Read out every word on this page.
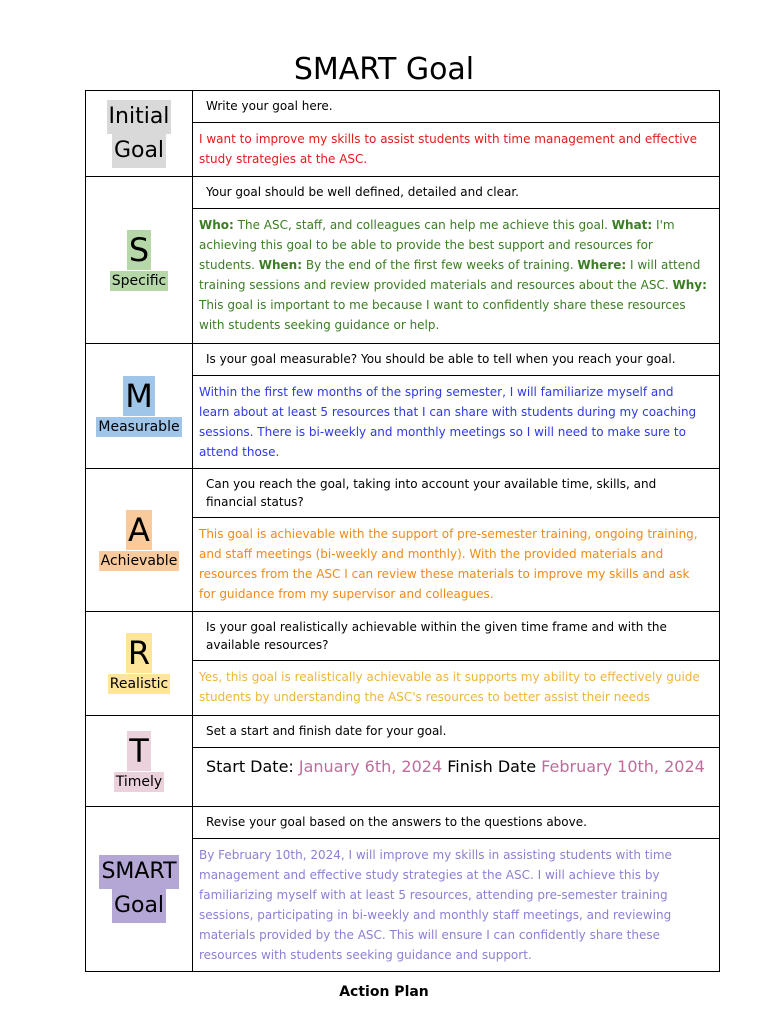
SMART Goal
Initial
Goal	Write your goal here.

	I want to improve my skills to assist students with time management and effective study strategies at the ASC.

S
Specific	Your goal should be well defined, detailed and clear.

	Who: The ASC, staff, and colleagues can help me achieve this goal. What: I'm achieving this goal to be able to provide the best support and resources for students. When: By the end of the first few weeks of training. Where: I will attend training sessions and review provided materials and resources about the ASC. Why: This goal is important to me because I want to confidently share these resources with students seeking guidance or help.

M
Measurable	Is your goal measurable? You should be able to tell when you reach your goal.

	Within the first few months of the spring semester, I will familiarize myself and learn about at least 5 resources that I can share with students during my coaching sessions. There is bi-weekly and monthly meetings so I will need to make sure to attend those.

A
Achievable	Can you reach the goal, taking into account your available time, skills, and financial status?

	This goal is achievable with the support of pre-semester training, ongoing training, and staff meetings (bi-weekly and monthly). With the provided materials and resources from the ASC I can review these materials to improve my skills and ask for guidance from my supervisor and colleagues.

R
Realistic	Is your goal realistically achievable within the given time frame and with the available resources?

	Yes, this goal is realistically achievable as it supports my ability to effectively guide students by understanding the ASC's resources to better assist their needs

T
Timely	Set a start and finish date for your goal.

	Start Date: January 6th, 2024 Finish Date February 10th, 2024

SMART
Goal	Revise your goal based on the answers to the questions above.

	By February 10th, 2024, I will improve my skills in assisting students with time management and effective study strategies at the ASC. I will achieve this by familiarizing myself with at least 5 resources, attending pre-semester training sessions, participating in bi-weekly and monthly staff meetings, and reviewing materials provided by the ASC. This will ensure I can confidently share these resources with students seeking guidance and support.
Action Plan
